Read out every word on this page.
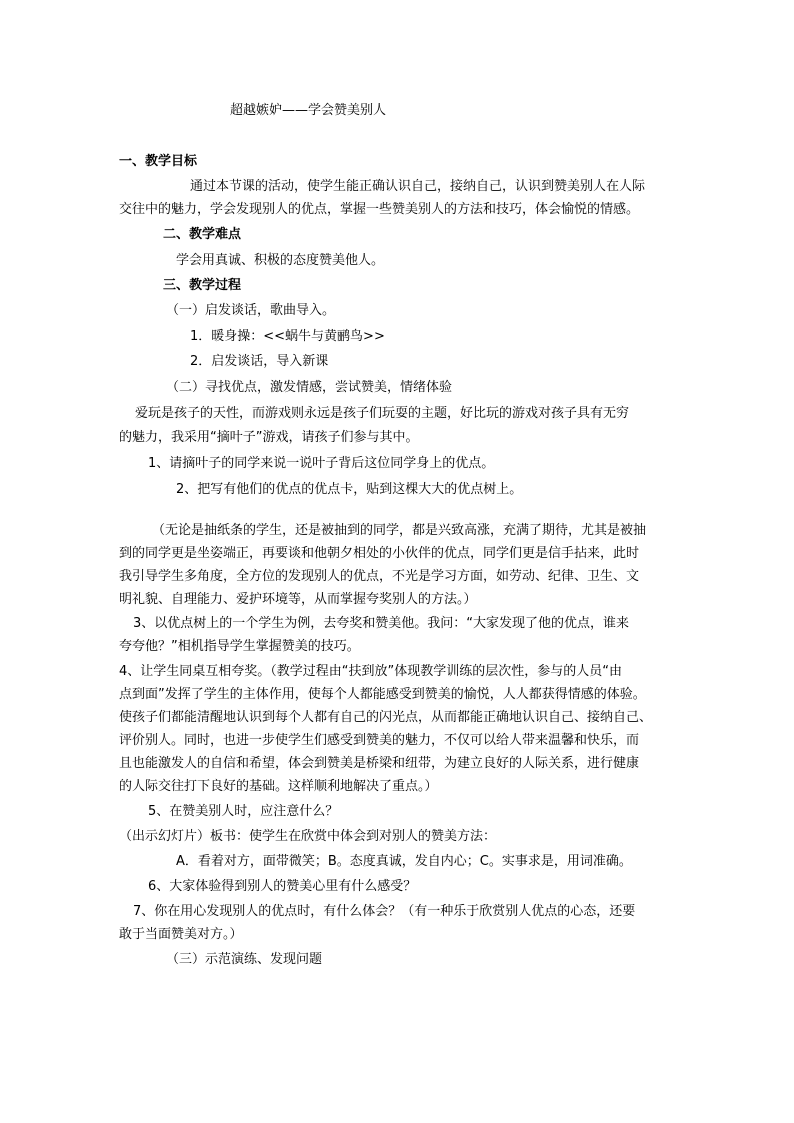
超越嫉妒——学会赞美别人
一、教学目标
通过本节课的活动，使学生能正确认识自己，接纳自己，认识到赞美别人在人际
交往中的魅力，学会发现别人的优点，掌握一些赞美别人的方法和技巧，体会愉悦的情感。
二、教学难点
学会用真诚、积极的态度赞美他人。
三、教学过程
（一）启发谈话，歌曲导入。
1．暖身操：<<蜗牛与黄鹂鸟>>
2．启发谈话，导入新课
（二）寻找优点，激发情感，尝试赞美，情绪体验
爱玩是孩子的天性，而游戏则永远是孩子们玩耍的主题，好比玩的游戏对孩子具有无穷
的魅力，我采用“摘叶子”游戏，请孩子们参与其中。
1、请摘叶子的同学来说一说叶子背后这位同学身上的优点。
2、把写有他们的优点的优点卡，贴到这棵大大的优点树上。
（无论是抽纸条的学生，还是被抽到的同学，都是兴致高涨，充满了期待，尤其是被抽
到的同学更是坐姿端正，再要谈和他朝夕相处的小伙伴的优点，同学们更是信手拈来，此时
我引导学生多角度，全方位的发现别人的优点，不光是学习方面，如劳动、纪律、卫生、文
明礼貌、自理能力、爱护环境等，从而掌握夸奖别人的方法。）
3、以优点树上的一个学生为例，去夸奖和赞美他。我问：“大家发现了他的优点，谁来
夸夸他？”相机指导学生掌握赞美的技巧。
4、让学生同桌互相夸奖。（教学过程由“扶到放”体现教学训练的层次性，参与的人员“由
点到面”发挥了学生的主体作用，使每个人都能感受到赞美的愉悦，人人都获得情感的体验。
使孩子们都能清醒地认识到每个人都有自己的闪光点，从而都能正确地认识自己、接纳自己、
评价别人。同时，也进一步使学生们感受到赞美的魅力，不仅可以给人带来温馨和快乐，而
且也能激发人的自信和希望，体会到赞美是桥梁和纽带，为建立良好的人际关系，进行健康
的人际交往打下良好的基础。这样顺利地解决了重点。）
5、在赞美别人时，应注意什么？
（出示幻灯片）板书：使学生在欣赏中体会到对别人的赞美方法：
A．看着对方，面带微笑；B。态度真诚，发自内心；C。实事求是，用词准确。
6、大家体验得到别人的赞美心里有什么感受？
7、你在用心发现别人的优点时，有什么体会？（有一种乐于欣赏别人优点的心态，还要
敢于当面赞美对方。）
（三）示范演练、发现问题
